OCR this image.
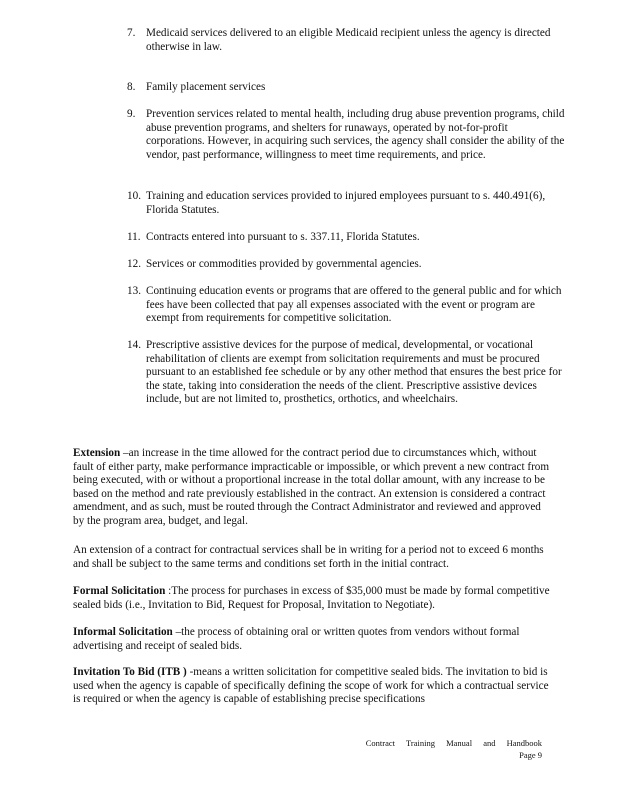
7. Medicaid services delivered to an eligible Medicaid recipient unless the agency is directed otherwise in law.
8. Family placement services
9. Prevention services related to mental health, including drug abuse prevention programs, child abuse prevention programs, and shelters for runaways, operated by not-for-profit corporations. However, in acquiring such services, the agency shall consider the ability of the vendor, past performance, willingness to meet time requirements, and price.
10. Training and education services provided to injured employees pursuant to s. 440.491(6), Florida Statutes.
11. Contracts entered into pursuant to s. 337.11, Florida Statutes.
12. Services or commodities provided by governmental agencies.
13. Continuing education events or programs that are offered to the general public and for which fees have been collected that pay all expenses associated with the event or program are exempt from requirements for competitive solicitation.
14. Prescriptive assistive devices for the purpose of medical, developmental, or vocational rehabilitation of clients are exempt from solicitation requirements and must be procured pursuant to an established fee schedule or by any other method that ensures the best price for the state, taking into consideration the needs of the client. Prescriptive assistive devices include, but are not limited to, prosthetics, orthotics, and wheelchairs.

Extension –an increase in the time allowed for the contract period due to circumstances which, without fault of either party, make performance impracticable or impossible, or which prevent a new contract from being executed, with or without a proportional increase in the total dollar amount, with any increase to be based on the method and rate previously established in the contract. An extension is considered a contract amendment, and as such, must be routed through the Contract Administrator and reviewed and approved by the program area, budget, and legal.

An extension of a contract for contractual services shall be in writing for a period not to exceed 6 months and shall be subject to the same terms and conditions set forth in the initial contract.

Formal Solicitation :The process for purchases in excess of $35,000 must be made by formal competitive sealed bids (i.e., Invitation to Bid, Request for Proposal, Invitation to Negotiate).

Informal Solicitation –the process of obtaining oral or written quotes from vendors without formal advertising and receipt of sealed bids.

Invitation To Bid (ITB ) -means a written solicitation for competitive sealed bids. The invitation to bid is used when the agency is capable of specifically defining the scope of work for which a contractual service is required or when the agency is capable of establishing precise specifications

Contract Training Manual and Handbook
Page 9
